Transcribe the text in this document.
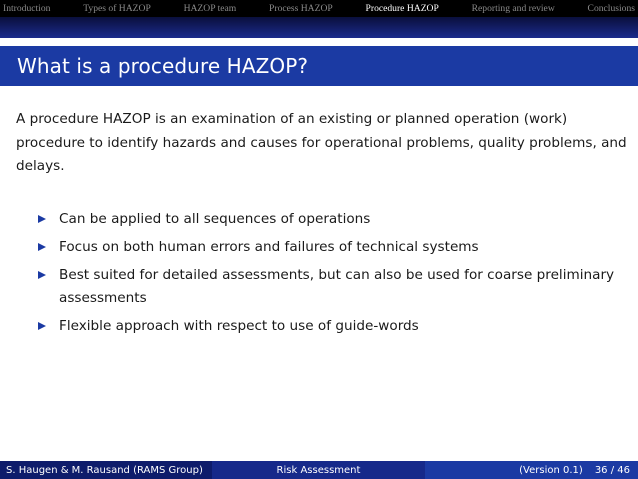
Introduction	Types of HAZOP	HAZOP team	Process HAZOP	Procedure HAZOP	Reporting and review	Conclusions
What is a procedure HAZOP?
A procedure HAZOP is an examination of an existing or planned operation (work) procedure to identify hazards and causes for operational problems, quality problems, and delays.
Can be applied to all sequences of operations
Focus on both human errors and failures of technical systems
Best suited for detailed assessments, but can also be used for coarse preliminary assessments
Flexible approach with respect to use of guide-words
S. Haugen & M. Rausand (RAMS Group)	Risk Assessment	(Version 0.1) 36 / 46
